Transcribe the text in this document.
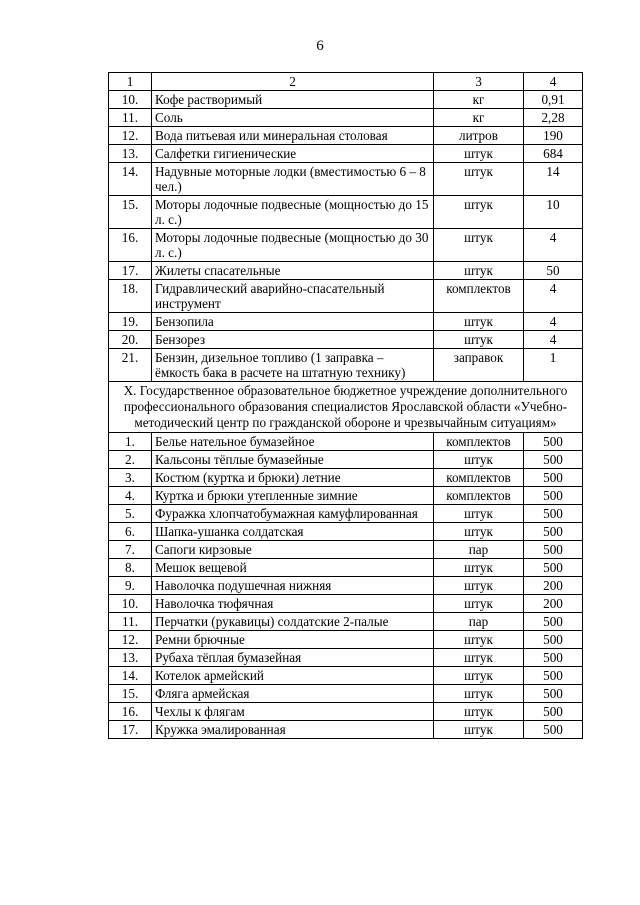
6
1	2	3	4
10.	Кофе растворимый	кг	0,91
11.	Соль	кг	2,28
12.	Вода питьевая или минеральная столовая	литров	190
13.	Салфетки гигиенические	штук	684
14.	Надувные моторные лодки (вместимостью 6 – 8 чел.)	штук	14
15.	Моторы лодочные подвесные (мощностью до 15 л. с.)	штук	10
16.	Моторы лодочные подвесные (мощностью до 30 л. с.)	штук	4
17.	Жилеты спасательные	штук	50
18.	Гидравлический аварийно-спасательный инструмент	комплектов	4
19.	Бензопила	штук	4
20.	Бензорез	штук	4
21.	Бензин, дизельное топливо (1 заправка – ёмкость бака в расчете на штатную технику)	заправок	1
X. Государственное образовательное бюджетное учреждение дополнительного профессионального образования специалистов Ярославской области «Учебно-методический центр по гражданской обороне и чрезвычайным ситуациям»			
1.	Белье нательное бумазейное	комплектов	500
2.	Кальсоны тёплые бумазейные	штук	500
3.	Костюм (куртка и брюки) летние	комплектов	500
4.	Куртка и брюки утепленные зимние	комплектов	500
5.	Фуражка хлопчатобумажная камуфлированная	штук	500
6.	Шапка-ушанка солдатская	штук	500
7.	Сапоги кирзовые	пар	500
8.	Мешок вещевой	штук	500
9.	Наволочка подушечная нижняя	штук	200
10.	Наволочка тюфячная	штук	200
11.	Перчатки (рукавицы) солдатские 2-палые	пар	500
12.	Ремни брючные	штук	500
13.	Рубаха тёплая бумазейная	штук	500
14.	Котелок армейский	штук	500
15.	Фляга армейская	штук	500
16.	Чехлы к флягам	штук	500
17.	Кружка эмалированная	штук	500
